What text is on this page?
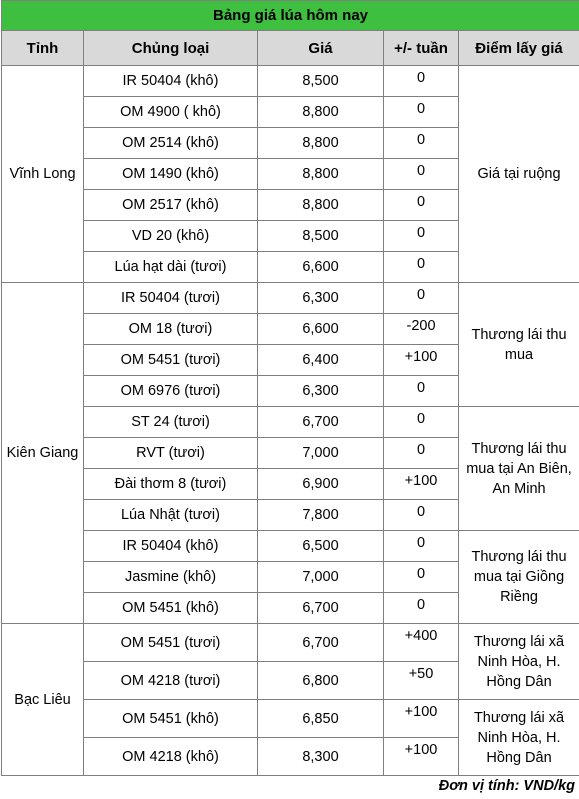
Bảng giá lúa hôm nay				
Tỉnh	Chủng loại	Giá	+/- tuần	Điểm lấy giá
Vĩnh Long	IR 50404 (khô)	8,500	0	Giá tại ruộng
	OM 4900 ( khô)	8,800	0	
	OM 2514 (khô)	8,800	0	
	OM 1490 (khô)	8,800	0	
	OM 2517 (khô)	8,800	0	
	VD 20 (khô)	8,500	0	
	Lúa hạt dài (tươi)	6,600	0	
Kiên Giang	IR 50404 (tươi)	6,300	0	Thương lái thu mua
	OM 18 (tươi)	6,600	-200	
	OM 5451 (tươi)	6,400	+100	
	OM 6976 (tươi)	6,300	0	
	ST 24 (tươi)	6,700	0	Thương lái thu mua tại An Biên, An Minh
	RVT (tươi)	7,000	0	
	Đài thơm 8 (tươi)	6,900	+100	
	Lúa Nhật (tươi)	7,800	0	
	IR 50404 (khô)	6,500	0	Thương lái thu mua tại Giồng Riềng
	Jasmine (khô)	7,000	0	
	OM 5451 (khô)	6,700	0	
Bạc Liêu	OM 5451 (tươi)	6,700	+400	Thương lái xã Ninh Hòa, H. Hồng Dân
	OM 4218 (tươi)	6,800	+50	
	OM 5451 (khô)	6,850	+100	Thương lái xã Ninh Hòa, H. Hồng Dân
	OM 4218 (khô)	8,300	+100	
Đơn vị tính: VND/kg
